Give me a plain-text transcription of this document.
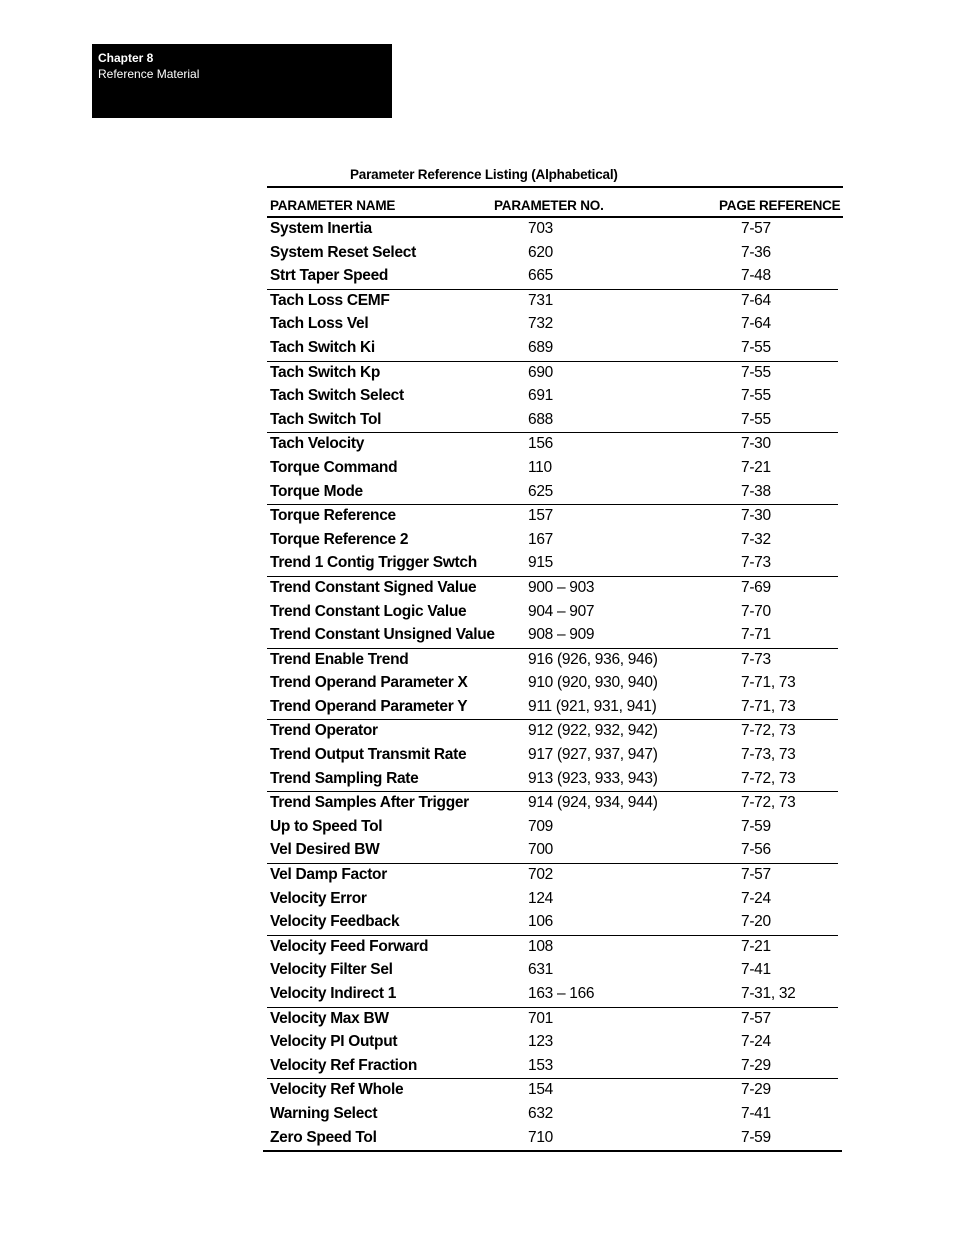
Chapter 8
Reference Material
Parameter Reference Listing (Alphabetical)
PARAMETER NAME	PARAMETER NO.	PAGE REFERENCE
System Inertia	703	7-57
System Reset Select	620	7-36
Strt Taper Speed	665	7-48
Tach Loss CEMF	731	7-64
Tach Loss Vel	732	7-64
Tach Switch Ki	689	7-55
Tach Switch Kp	690	7-55
Tach Switch Select	691	7-55
Tach Switch Tol	688	7-55
Tach Velocity	156	7-30
Torque Command	110	7-21
Torque Mode	625	7-38
Torque Reference	157	7-30
Torque Reference 2	167	7-32
Trend 1 Contig Trigger Swtch	915	7-73
Trend Constant Signed Value	900 – 903	7-69
Trend Constant Logic Value	904 – 907	7-70
Trend Constant Unsigned Value 908 – 909	7-71
Trend Enable Trend	916 (926, 936, 946)	7-73
Trend Operand Parameter X	910 (920, 930, 940)	7-71, 73
Trend Operand Parameter Y	911 (921, 931, 941)	7-71, 73
Trend Operator	912 (922, 932, 942)	7-72, 73
Trend Output Transmit Rate	917 (927, 937, 947)	7-73, 73
Trend Sampling Rate	913 (923, 933, 943)	7-72, 73
Trend Samples After Trigger	914 (924, 934, 944)	7-72, 73
Up to Speed Tol	709	7-59
Vel Desired BW	700	7-56
Vel Damp Factor	702	7-57
Velocity Error	124	7-24
Velocity Feedback	106	7-20
Velocity Feed Forward	108	7-21
Velocity Filter Sel	631	7-41
Velocity Indirect 1	163 – 166	7-31, 32
Velocity Max BW	701	7-57
Velocity PI Output	123	7-24
Velocity Ref Fraction	153	7-29
Velocity Ref Whole	154	7-29
Warning Select	632	7-41
Zero Speed Tol	710	7-59
